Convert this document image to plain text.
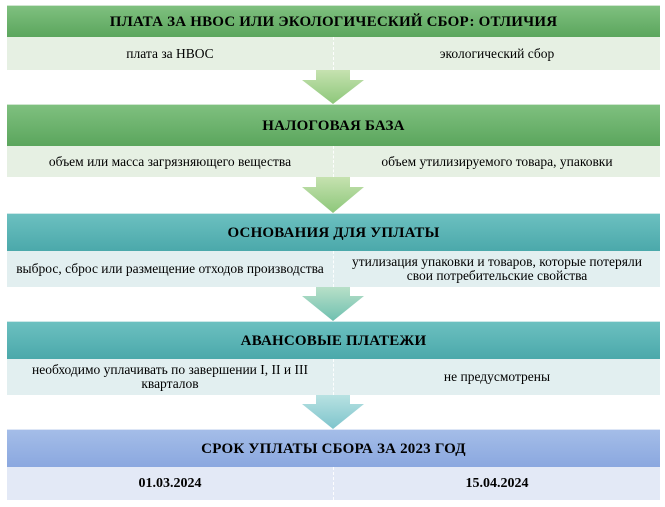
ПЛАТА ЗА НВОС ИЛИ ЭКОЛОГИЧЕСКИЙ СБОР: ОТЛИЧИЯ
плата за НВОС	экологический сбор
НАЛОГОВАЯ БАЗА
объем или масса загрязняющего вещества	объем утилизируемого товара, упаковки
ОСНОВАНИЯ ДЛЯ УПЛАТЫ
выброс, сброс или размещение отходов производства	утилизация упаковки и товаров, которые потеряли свои потребительские свойства
АВАНСОВЫЕ ПЛАТЕЖИ
необходимо уплачивать по завершении I, II и III кварталов	не предусмотрены
СРОК УПЛАТЫ СБОРА ЗА 2023 ГОД
01.03.2024	15.04.2024
